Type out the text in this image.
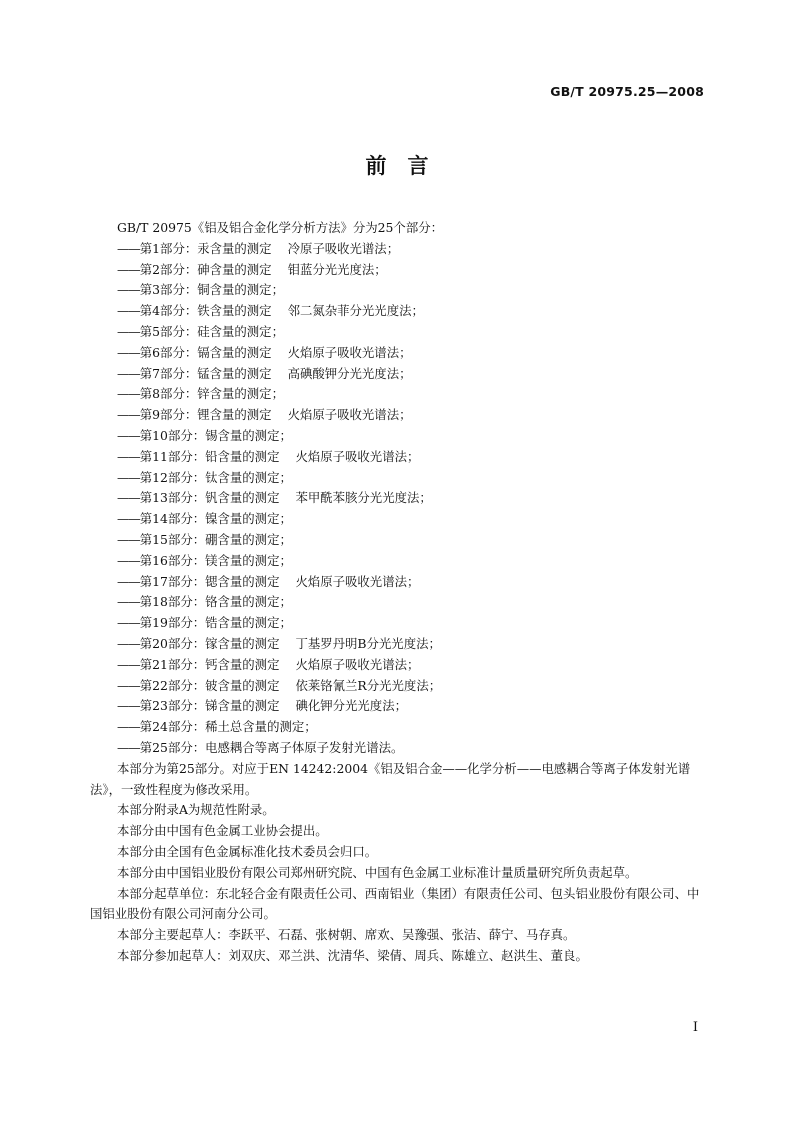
GB/T 20975.25—2008
前　言

GB/T 20975《铝及铝合金化学分析方法》分为25个部分：

——第1部分：汞含量的测定 冷原子吸收光谱法；

——第2部分：砷含量的测定 钼蓝分光光度法；

——第3部分：铜含量的测定；

——第4部分：铁含量的测定 邻二氮杂菲分光光度法；

——第5部分：硅含量的测定；

——第6部分：镉含量的测定 火焰原子吸收光谱法；

——第7部分：锰含量的测定 高碘酸钾分光光度法；

——第8部分：锌含量的测定；

——第9部分：锂含量的测定 火焰原子吸收光谱法；

——第10部分：锡含量的测定；

——第11部分：铅含量的测定 火焰原子吸收光谱法；

——第12部分：钛含量的测定；

——第13部分：钒含量的测定 苯甲酰苯胲分光光度法；

——第14部分：镍含量的测定；

——第15部分：硼含量的测定；

——第16部分：镁含量的测定；

——第17部分：锶含量的测定 火焰原子吸收光谱法；

——第18部分：铬含量的测定；

——第19部分：锆含量的测定；

——第20部分：镓含量的测定 丁基罗丹明B分光光度法；

——第21部分：钙含量的测定 火焰原子吸收光谱法；

——第22部分：铍含量的测定 依莱铬氰兰R分光光度法；

——第23部分：锑含量的测定 碘化钾分光光度法；

——第24部分：稀土总含量的测定；

——第25部分：电感耦合等离子体原子发射光谱法。

本部分为第25部分。对应于EN 14242:2004《铝及铝合金——化学分析——电感耦合等离子体发射光谱法》，一致性程度为修改采用。

本部分附录A为规范性附录。

本部分由中国有色金属工业协会提出。

本部分由全国有色金属标准化技术委员会归口。

本部分由中国铝业股份有限公司郑州研究院、中国有色金属工业标准计量质量研究所负责起草。

本部分起草单位：东北轻合金有限责任公司、西南铝业（集团）有限责任公司、包头铝业股份有限公司、中国铝业股份有限公司河南分公司。

本部分主要起草人：李跃平、石磊、张树朝、席欢、吴豫强、张洁、薛宁、马存真。

本部分参加起草人：刘双庆、邓兰洪、沈清华、梁倩、周兵、陈雄立、赵洪生、董良。

I
